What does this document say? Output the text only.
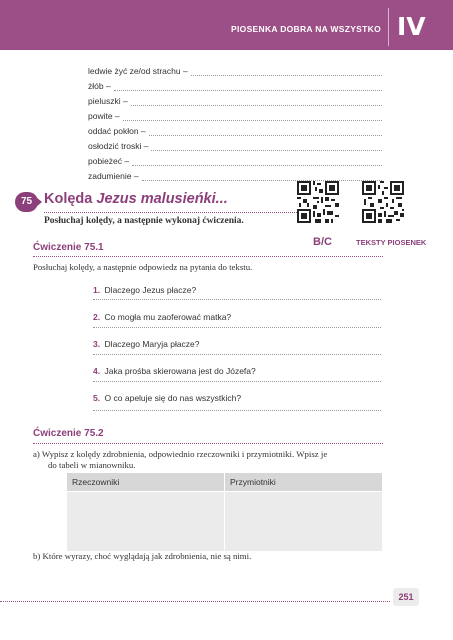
PIOSENKA DOBRA NA WSZYSTKO IV
ledwie żyć ze/od strachu –
żłób –
pieluszki –
powite –
oddać pokłon –
osłodzić troski –
pobieżeć –
zadumienie –
75 Kolęda Jezus malusieńki...
Posłuchaj kolędy, a następnie wykonaj ćwiczenia.
B/C	TEKSTY PIOSENEK
Ćwiczenie 75.1
Posłuchaj kolędy, a następnie odpowiedz na pytania do tekstu.
1. Dlaczego Jezus płacze?
2. Co mogła mu zaoferować matka?
3. Dlaczego Maryja płacze?
4. Jaka prośba skierowana jest do Józefa?
5. O co apeluje się do nas wszystkich?
Ćwiczenie 75.2
a) Wypisz z kolędy zdrobnienia, odpowiednio rzeczowniki i przymiotniki. Wpisz je
do tabeli w mianowniku.
Rzeczowniki	Przymiotniki

b) Które wyrazy, choć wyglądają jak zdrobnienia, nie są nimi.
251
